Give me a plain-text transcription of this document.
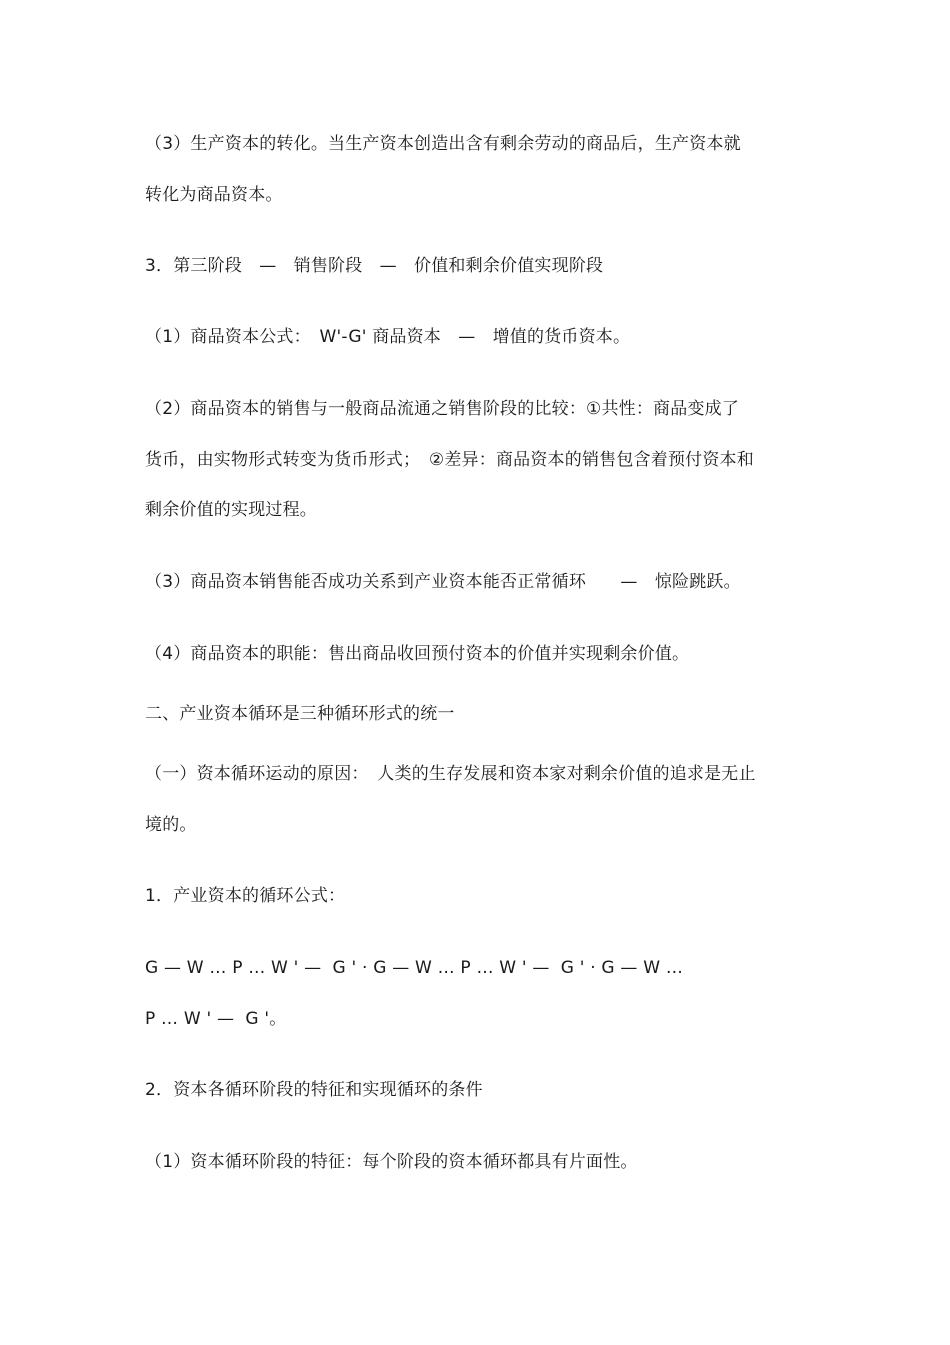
（3）生产资本的转化。当生产资本创造出含有剩余劳动的商品后，生产资本就
转化为商品资本。
3．第三阶段　—　销售阶段　—　价值和剩余价值实现阶段
（1）商品资本公式：　W'-G' 商品资本　—　增值的货币资本。
（2）商品资本的销售与一般商品流通之销售阶段的比较：①共性：商品变成了
货币，由实物形式转变为货币形式；　②差异：商品资本的销售包含着预付资本和
剩余价值的实现过程。
（3）商品资本销售能否成功关系到产业资本能否正常循环　　—　惊险跳跃。
（4）商品资本的职能：售出商品收回预付资本的价值并实现剩余价值。
二、产业资本循环是三种循环形式的统一
（一）资本循环运动的原因：　人类的生存发展和资本家对剩余价值的追求是无止
境的。
1．产业资本的循环公式：
G — W … P … W ' —  G ' · G — W … P … W ' —  G ' · G — W …
P … W ' —  G '。
2．资本各循环阶段的特征和实现循环的条件
（1）资本循环阶段的特征：每个阶段的资本循环都具有片面性。
